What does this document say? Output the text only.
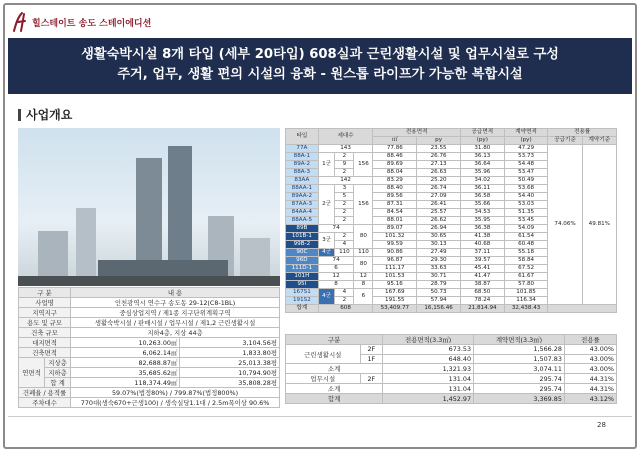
힐스테이트 송도 스테이에디션
생활숙박시설 8개 타입 (세부 20타입) 608실과 근린생활시설 및 업무시설로 구성
주거, 업무, 생활 편의 시설의 융화 - 원스톱 라이프가 가능한 복합시설
사업개요
구 분		내 용	
사업명		인천광역시 연수구 송도동 29-12(C8-1BL)	
지역지구		중심상업지역 / 제1종 지구단위계획구역	
용도 및 규모		생활숙박시설 / 판매시설 / 업무시설 / 제1,2 근린생활시설	
건축 규모		지하4층, 지상 44층	
대지면적		10,263.00㎡	3,104.56평
건축면적		6,062.14㎡	1,833.80평
연면적	지상층	82,688.87㎡	25,013.38평
	지하층	35,685.62㎡	10,794.90평
	합 계	118,374.49㎡	35,808.28평
건폐율 / 용적률		59.07%(법정80%) / 799.87%(법정800%)	
주차대수		770대(생숙670+근생100) / 생숙실당1.1대 / 2.5m폭이상 90.6%	
타입	세대수			전용면적		공급면적	계약면적	전용률	
				㎡	py	(py)	(py)	공급기준	계약기준
77A	143			77.86	23.55	31.80	47.29	74.06%	49.81%
88A-1	1군	2	156	88.46	26.76	36.13	53.73		
89A-2		9		89.69	27.13	36.64	54.48		
88A-3		2		88.04	26.63	35.96	53.47		
83AA	142			83.29	25.20	34.02	50.49		
88AA-1	2군	3	156	88.40	26.74	36.11	53.68		
89AA-2		5		89.56	27.09	36.58	54.40		
87AA-3		2		87.31	26.41	35.66	53.03		
84AA-4		2		84.54	25.57	34.53	51.35		
88AA-5		2		88.01	26.62	35.95	53.45		
89B	74		80	89.07	26.94	36.38	54.09		
101B-1	3군	2		101.32	30.65	41.38	61.54		
99B-2		4		99.59	30.13	40.68	60.48		
90C	4군	110	110	90.86	27.49	37.11	55.18		
96D	74		80	96.87	29.30	39.57	58.84		
111D-1	6			111.17	33.63	45.41	67.52		
101H	12		12	101.53	30.71	41.47	61.67		
95I	8		8	95.16	28.79	38.87	57.80		
167S1	4군	4	6	167.69	50.73	68.50	101.85		
191S2		2		191.55	57.94	78.24	116.34		
합계	608			53,409.77	16,156.46	21,814.94	32,438.43		
구분		전용면적(3.3㎡)	계약면적(3.3㎡)	전용률
근린생활시설	2F	673.53	1,566.28	43.00%
	1F	648.40	1,507.83	43.00%
소계		1,321.93	3,074.11	43.00%
업무시설	2F	131.04	295.74	44.31%
소계		131.04	295.74	44.31%
합계		1,452.97	3,369.85	43.12%
28
